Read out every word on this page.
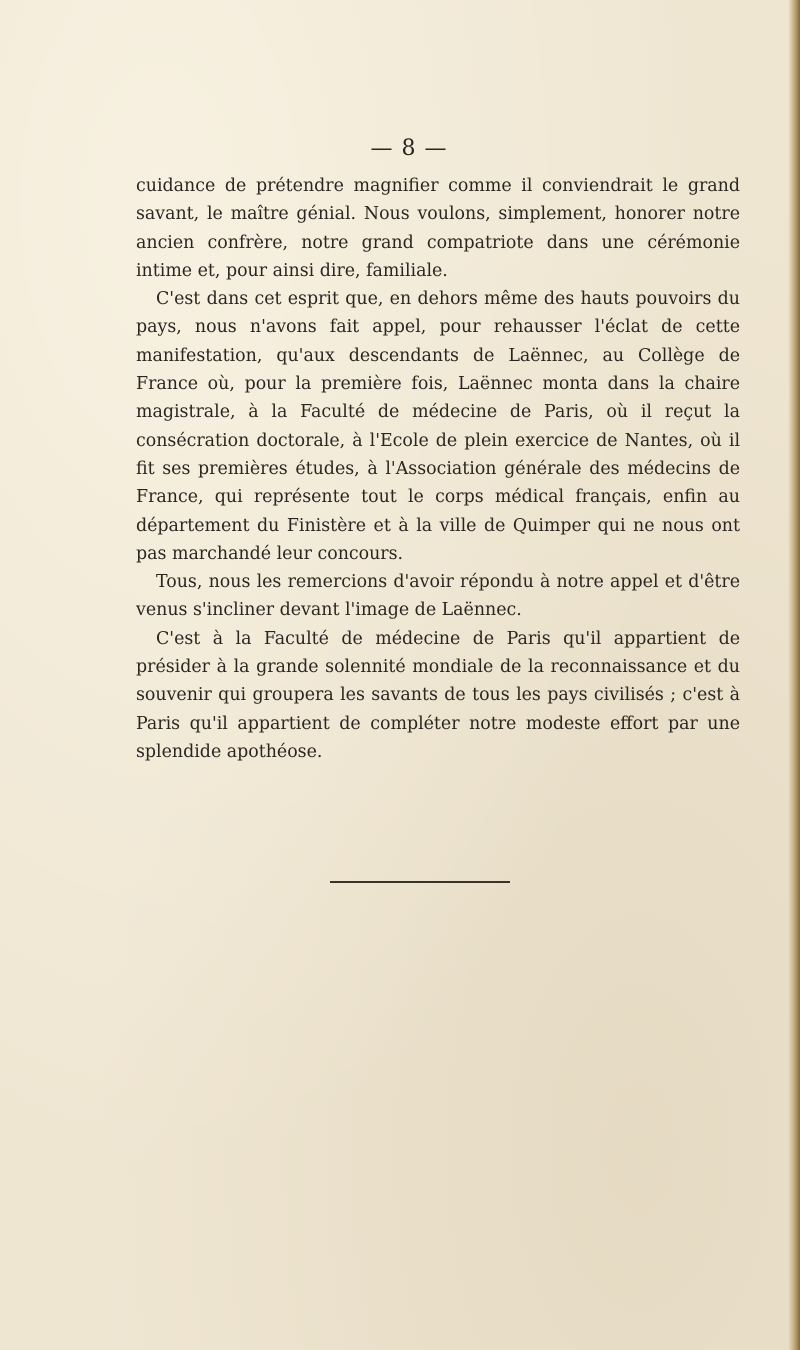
— 8 —

cuidance de prétendre magnifier comme il conviendrait le grand savant, le maître génial. Nous voulons, simplement, honorer notre ancien confrère, notre grand compatriote dans une cérémonie intime et, pour ainsi dire, familiale.

C'est dans cet esprit que, en dehors même des hauts pouvoirs du pays, nous n'avons fait appel, pour rehausser l'éclat de cette manifestation, qu'aux descendants de Laënnec, au Collège de France où, pour la première fois, Laënnec monta dans la chaire magistrale, à la Faculté de médecine de Paris, où il reçut la consécration doctorale, à l'Ecole de plein exercice de Nantes, où il fit ses premières études, à l'Association générale des médecins de France, qui représente tout le corps médical français, enfin au département du Finistère et à la ville de Quimper qui ne nous ont pas marchandé leur concours.

Tous, nous les remercions d'avoir répondu à notre appel et d'être venus s'incliner devant l'image de Laënnec.

C'est à la Faculté de médecine de Paris qu'il appartient de présider à la grande solennité mondiale de la reconnaissance et du souvenir qui groupera les savants de tous les pays civilisés ; c'est à Paris qu'il appartient de compléter notre modeste effort par une splendide apothéose.
